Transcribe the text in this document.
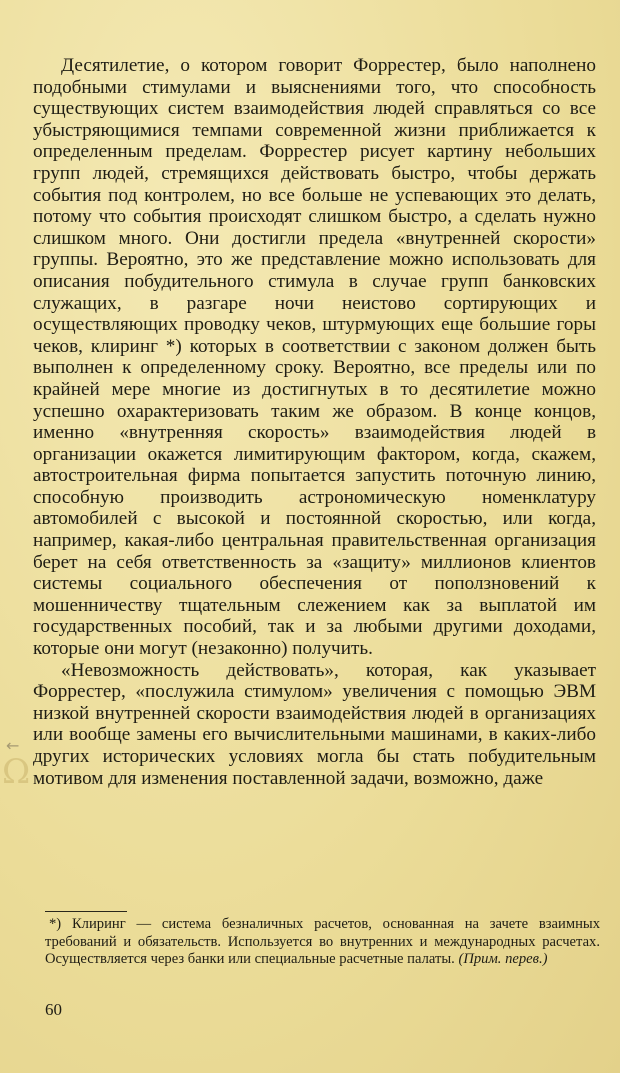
←
Ω

Десятилетие, о котором говорит Форрестер, было наполнено подобными стимулами и выяснениями того, что способность существующих систем взаимодействия людей справляться со все убыстряющимися темпами современной жизни приближается к определенным пределам. Форрестер рисует картину небольших групп людей, стремящихся действовать быстро, чтобы держать события под контролем, но все больше не успевающих это делать, потому что события происходят слишком быстро, а сделать нужно слишком много. Они достигли предела «внутренней скорости» группы. Вероятно, это же представление можно использовать для описания побудительного стимула в случае групп банковских служащих, в разгаре ночи неистово сортирующих и осуществляющих проводку чеков, штурмующих еще большие горы чеков, клиринг *) которых в соответствии с законом должен быть выполнен к определенному сроку. Вероятно, все пределы или по крайней мере многие из достигнутых в то десятилетие можно успешно охарактеризовать таким же образом. В конце концов, именно «внутренняя скорость» взаимодействия людей в организации окажется лимитирующим фактором, когда, скажем, автостроительная фирма попытается запустить поточную линию, способную производить астрономическую номенклатуру автомобилей с высокой и постоянной скоростью, или когда, например, какая-либо центральная правительственная организация берет на себя ответственность за «защиту» миллионов клиентов системы социального обеспечения от поползновений к мошенничеству тщательным слежением как за выплатой им государственных пособий, так и за любыми другими доходами, которые они могут (незаконно) получить.

«Невозможность действовать», которая, как указывает Форрестер, «послужила стимулом» увеличения с помощью ЭВМ низкой внутренней скорости взаимодействия людей в организациях или вообще замены его вычислительными машинами, в каких-либо других исторических условиях могла бы стать побудительным мотивом для изменения поставленной задачи, возможно, даже

*) Клиринг — система безналичных расчетов, основанная на зачете взаимных требований и обязательств. Используется во внутренних и международных расчетах. Осуществляется через банки или специальные расчетные палаты. (Прим. перев.)
60
